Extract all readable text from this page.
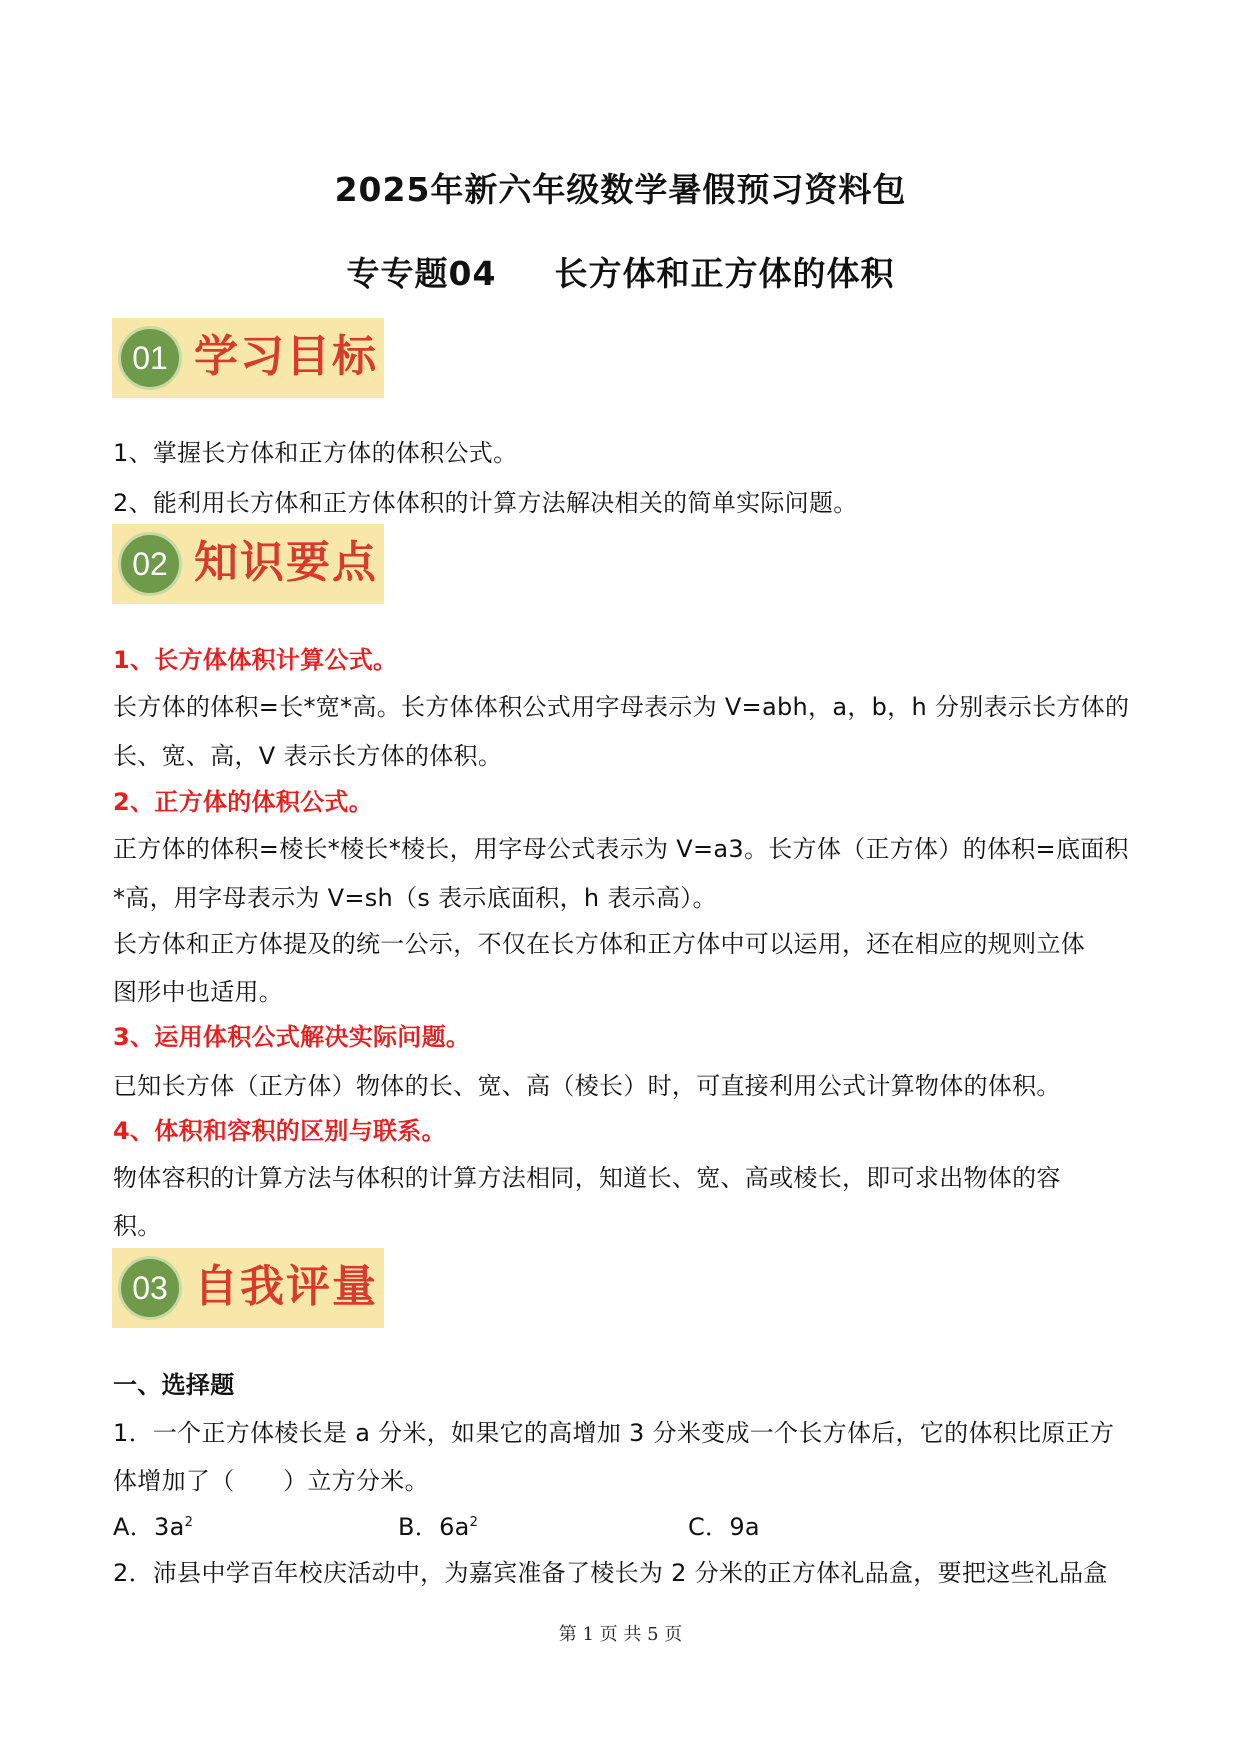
2025年新六年级数学暑假预习资料包
专专题04 长方体和正方体的体积
01 学习目标
1、掌握长方体和正方体的体积公式。
2、能利用长方体和正方体体积的计算方法解决相关的简单实际问题。
02 知识要点
1、长方体体积计算公式。
长方体的体积=长*宽*高。长方体体积公式用字母表示为 V=abh，a，b，h 分别表示长方体的
长、宽、高，V 表示长方体的体积。
2、正方体的体积公式。
正方体的体积=棱长*棱长*棱长，用字母公式表示为 V=a3。长方体（正方体）的体积=底面积
*高，用字母表示为 V=sh（s 表示底面积，h 表示高）。
长方体和正方体提及的统一公示，不仅在长方体和正方体中可以运用，还在相应的规则立体
图形中也适用。
3、运用体积公式解决实际问题。
已知长方体（正方体）物体的长、宽、高（棱长）时，可直接利用公式计算物体的体积。
4、体积和容积的区别与联系。
物体容积的计算方法与体积的计算方法相同，知道长、宽、高或棱长，即可求出物体的容
积。
03 自我评量
一、选择题
1．一个正方体棱长是 a 分米，如果它的高增加 3 分米变成一个长方体后，它的体积比原正方
体增加了（　　）立方分米。
A．$3a^2$	B．$6a^2$	C．9a
2．沛县中学百年校庆活动中，为嘉宾准备了棱长为 2 分米的正方体礼品盒，要把这些礼品盒
第 1 页 共 5 页
